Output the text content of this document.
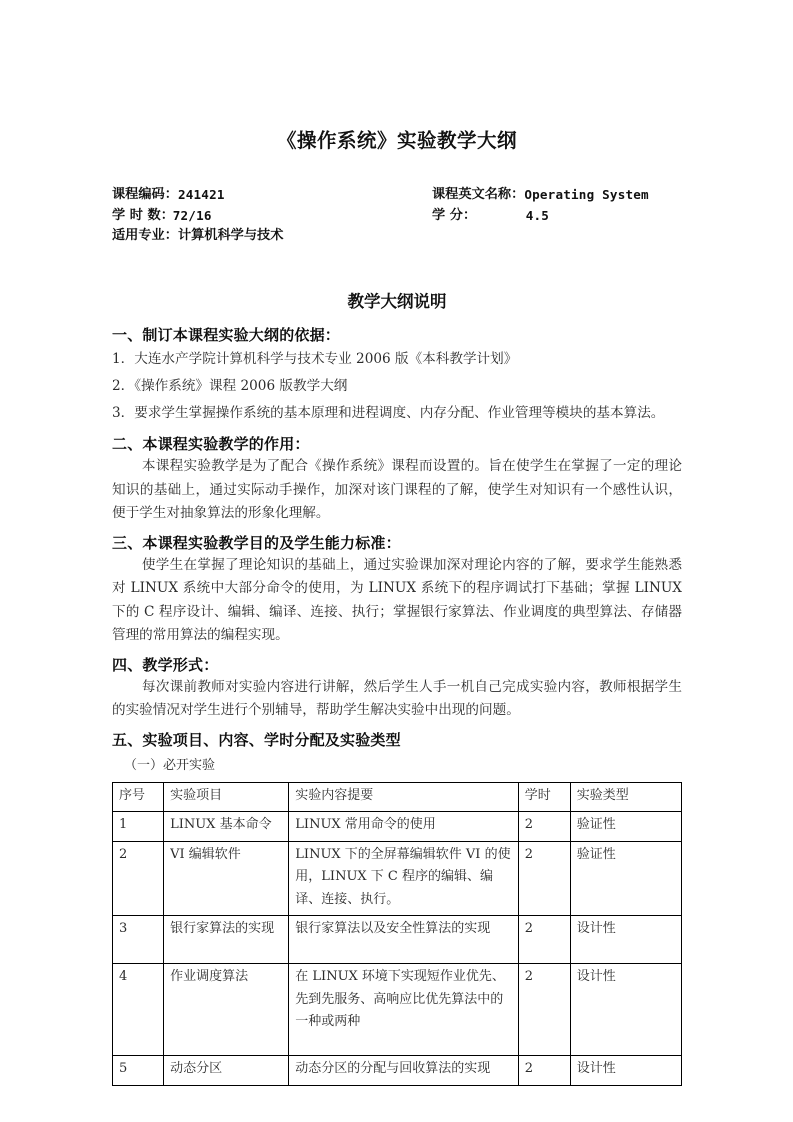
《操作系统》实验教学大纲
课程编码： 241421	课程英文名称： Operating System
学 时 数：
72/16	学 分：	4.5
适用专业： 计算机科学与技术
教学大纲说明
一、制订本课程实验大纲的依据：

1．大连水产学院计算机科学与技术专业 2006 版《本科教学计划》

2．《操作系统》课程 2006 版教学大纲

3．要求学生掌握操作系统的基本原理和进程调度、内存分配、作业管理等模块的基本算法。

二、本课程实验教学的作用：

本课程实验教学是为了配合《操作系统》课程而设置的。旨在使学生在掌握了一定的理论知识的基础上，通过实际动手操作，加深对该门课程的了解，使学生对知识有一个感性认识，便于学生对抽象算法的形象化理解。

三、本课程实验教学目的及学生能力标准：

使学生在掌握了理论知识的基础上，通过实验课加深对理论内容的了解，要求学生能熟悉对 LINUX 系统中大部分命令的使用，为 LINUX 系统下的程序调试打下基础；掌握 LINUX 下的 C 程序设计、编辑、编译、连接、执行；掌握银行家算法、作业调度的典型算法、存储器管理的常用算法的编程实现。

四、教学形式：

每次课前教师对实验内容进行讲解，然后学生人手一机自己完成实验内容，教师根据学生的实验情况对学生进行个别辅导，帮助学生解决实验中出现的问题。

五、实验项目、内容、学时分配及实验类型

（一）必开实验

序号	实验项目	实验内容提要	学时	实验类型
1	LINUX 基本命令	LINUX 常用命令的使用	2	验证性
2	VI 编辑软件	LINUX 下的全屏幕编辑软件 VI 的使用，LINUX 下 C 程序的编辑、编译、连接、执行。	2	验证性
3	银行家算法的实现	银行家算法以及安全性算法的实现	2	设计性
4	作业调度算法	在 LINUX 环境下实现短作业优先、先到先服务、高响应比优先算法中的一种或两种	2	设计性
5	动态分区	动态分区的分配与回收算法的实现	2	设计性
